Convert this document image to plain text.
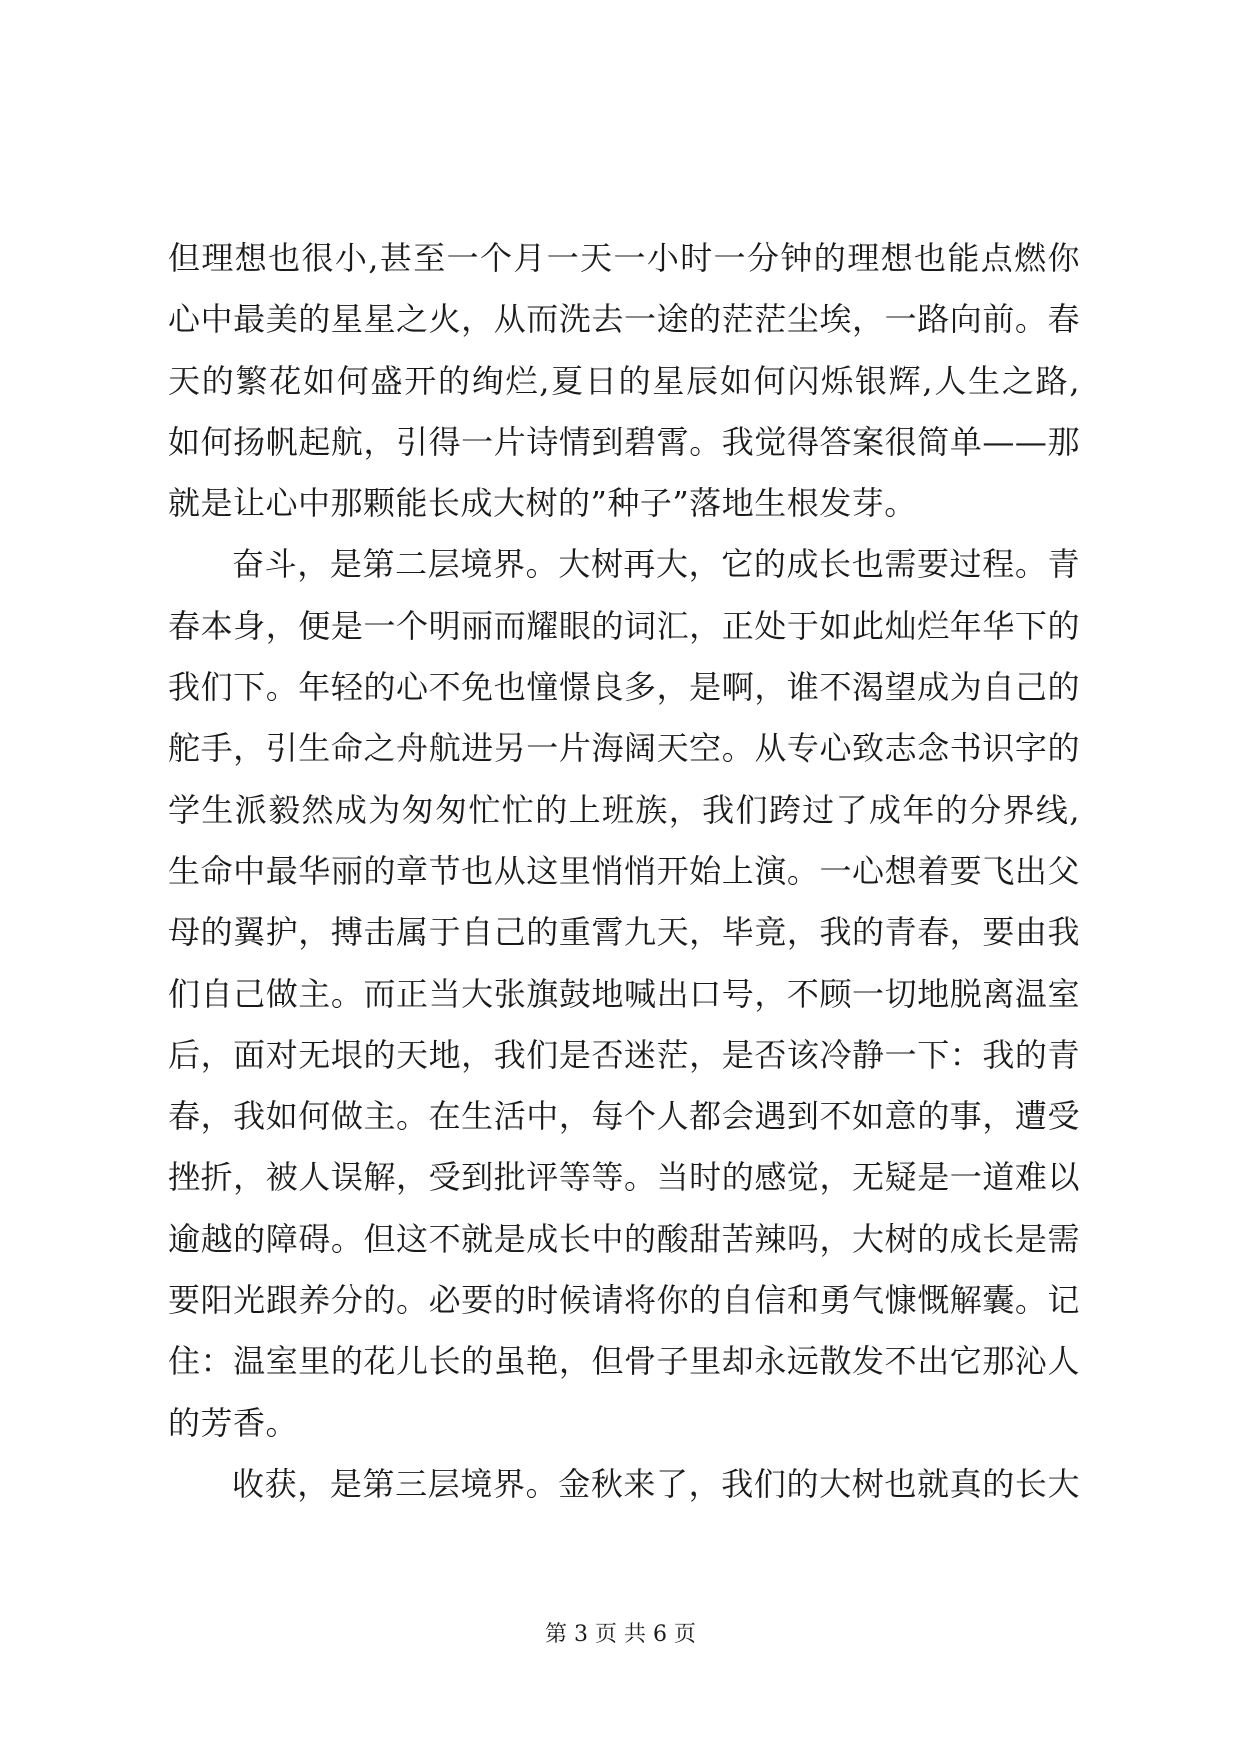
但理想也很小,甚至一个月一天一小时一分钟的理想也能点燃你

心中最美的星星之火，从而洗去一途的茫茫尘埃，一路向前。春

天的繁花如何盛开的绚烂,夏日的星辰如何闪烁银辉,人生之路,

如何扬帆起航，引得一片诗情到碧霄。我觉得答案很简单——那

就是让心中那颗能长成大树的”种子”落地生根发芽。

奋斗，是第二层境界。大树再大，它的成长也需要过程。青

春本身，便是一个明丽而耀眼的词汇，正处于如此灿烂年华下的

我们下。年轻的心不免也憧憬良多，是啊，谁不渴望成为自己的

舵手，引生命之舟航进另一片海阔天空。从专心致志念书识字的

学生派毅然成为匆匆忙忙的上班族，我们跨过了成年的分界线,

生命中最华丽的章节也从这里悄悄开始上演。一心想着要飞出父

母的翼护，搏击属于自己的重霄九天，毕竟，我的青春，要由我

们自己做主。而正当大张旗鼓地喊出口号，不顾一切地脱离温室

后，面对无垠的天地，我们是否迷茫，是否该冷静一下：我的青

春，我如何做主。在生活中，每个人都会遇到不如意的事，遭受

挫折，被人误解，受到批评等等。当时的感觉，无疑是一道难以

逾越的障碍。但这不就是成长中的酸甜苦辣吗，大树的成长是需

要阳光跟养分的。必要的时候请将你的自信和勇气慷慨解囊。记

住：温室里的花儿长的虽艳，但骨子里却永远散发不出它那沁人

的芳香。

收获，是第三层境界。金秋来了，我们的大树也就真的长大

第 3 页 共 6 页
